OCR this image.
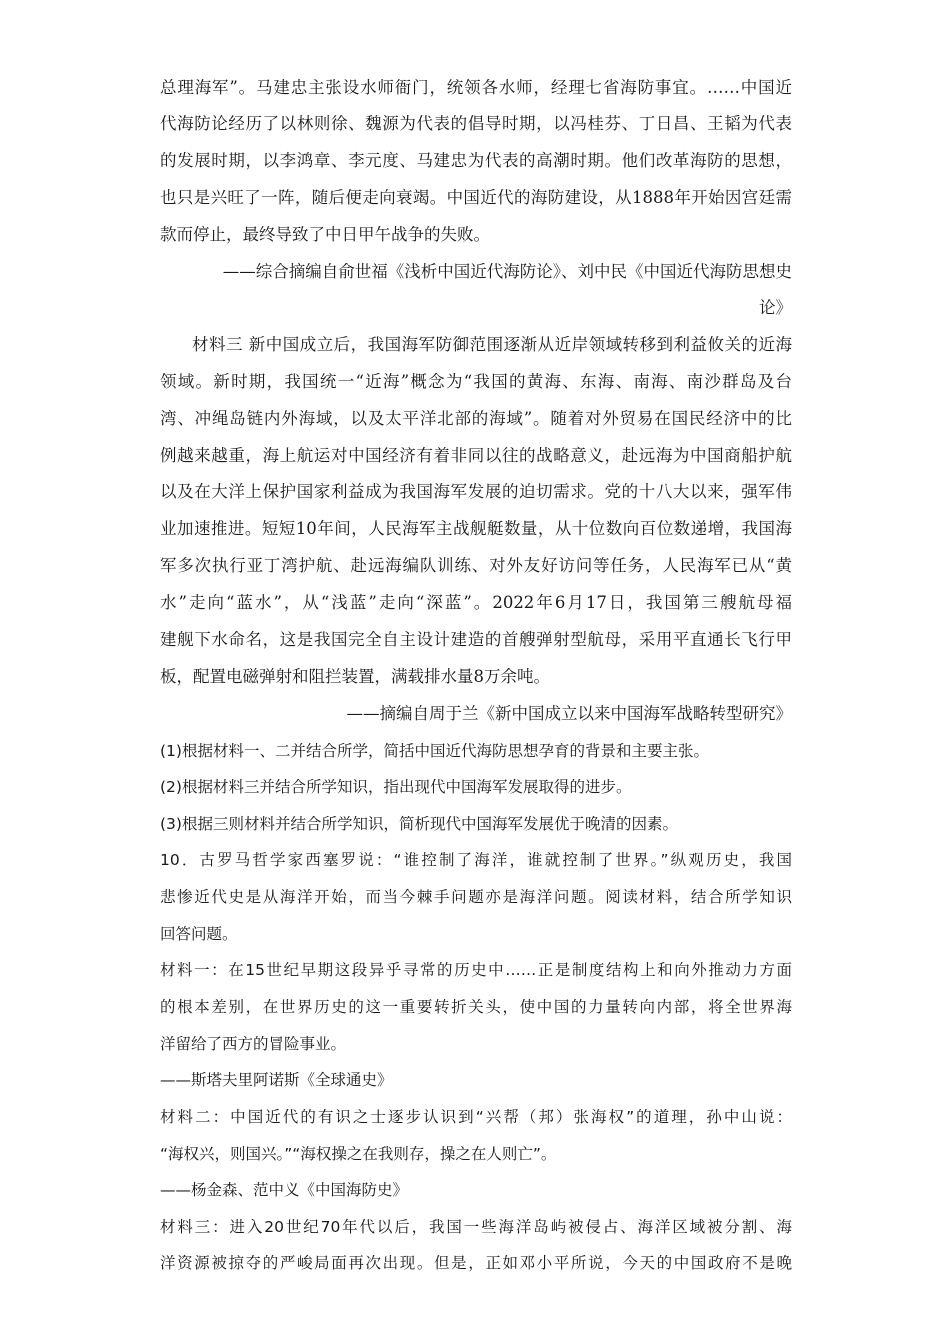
总理海军”。马建忠主张设水师衙门，统领各水师，经理七省海防事宜。……中国近
代海防论经历了以林则徐、魏源为代表的倡导时期，以冯桂芬、丁日昌、王韬为代表
的发展时期，以李鸿章、李元度、马建忠为代表的高潮时期。他们改革海防的思想，
也只是兴旺了一阵，随后便走向衰竭。中国近代的海防建设，从1888年开始因宫廷需
款而停止，最终导致了中日甲午战争的失败。
——综合摘编自俞世福《浅析中国近代海防论》、刘中民《中国近代海防思想史
论》
材料三 新中国成立后，我国海军防御范围逐渐从近岸领域转移到利益攸关的近海
领域。新时期，我国统一“近海”概念为“我国的黄海、东海、南海、南沙群岛及台
湾、冲绳岛链内外海域，以及太平洋北部的海域”。随着对外贸易在国民经济中的比
例越来越重，海上航运对中国经济有着非同以往的战略意义，赴远海为中国商船护航
以及在大洋上保护国家利益成为我国海军发展的迫切需求。党的十八大以来，强军伟
业加速推进。短短10年间，人民海军主战舰艇数量，从十位数向百位数递增，我国海
军多次执行亚丁湾护航、赴远海编队训练、对外友好访问等任务，人民海军已从“黄
水”走向“蓝水”，从“浅蓝”走向“深蓝”。2022年6月17日，我国第三艘航母福
建舰下水命名，这是我国完全自主设计建造的首艘弹射型航母，采用平直通长飞行甲
板，配置电磁弹射和阻拦装置，满载排水量8万余吨。
——摘编自周于兰《新中国成立以来中国海军战略转型研究》
(1)根据材料一、二并结合所学，简括中国近代海防思想孕育的背景和主要主张。
(2)根据材料三并结合所学知识，指出现代中国海军发展取得的进步。
(3)根据三则材料并结合所学知识，简析现代中国海军发展优于晚清的因素。
10．古罗马哲学家西塞罗说：“谁控制了海洋，谁就控制了世界。”纵观历史，我国
悲惨近代史是从海洋开始，而当今棘手问题亦是海洋问题。阅读材料，结合所学知识
回答问题。
材料一：在15世纪早期这段异乎寻常的历史中……正是制度结构上和向外推动力方面
的根本差别，在世界历史的这一重要转折关头，使中国的力量转向内部，将全世界海
洋留给了西方的冒险事业。
——斯塔夫里阿诺斯《全球通史》
材料二：中国近代的有识之士逐步认识到“兴帮（邦）张海权”的道理，孙中山说：
“海权兴，则国兴。”“海权操之在我则存，操之在人则亡”。
——杨金森、范中义《中国海防史》
材料三：进入20世纪70年代以后，我国一些海洋岛屿被侵占、海洋区域被分割、海
洋资源被掠夺的严峻局面再次出现。但是，正如邓小平所说，今天的中国政府不是晚
